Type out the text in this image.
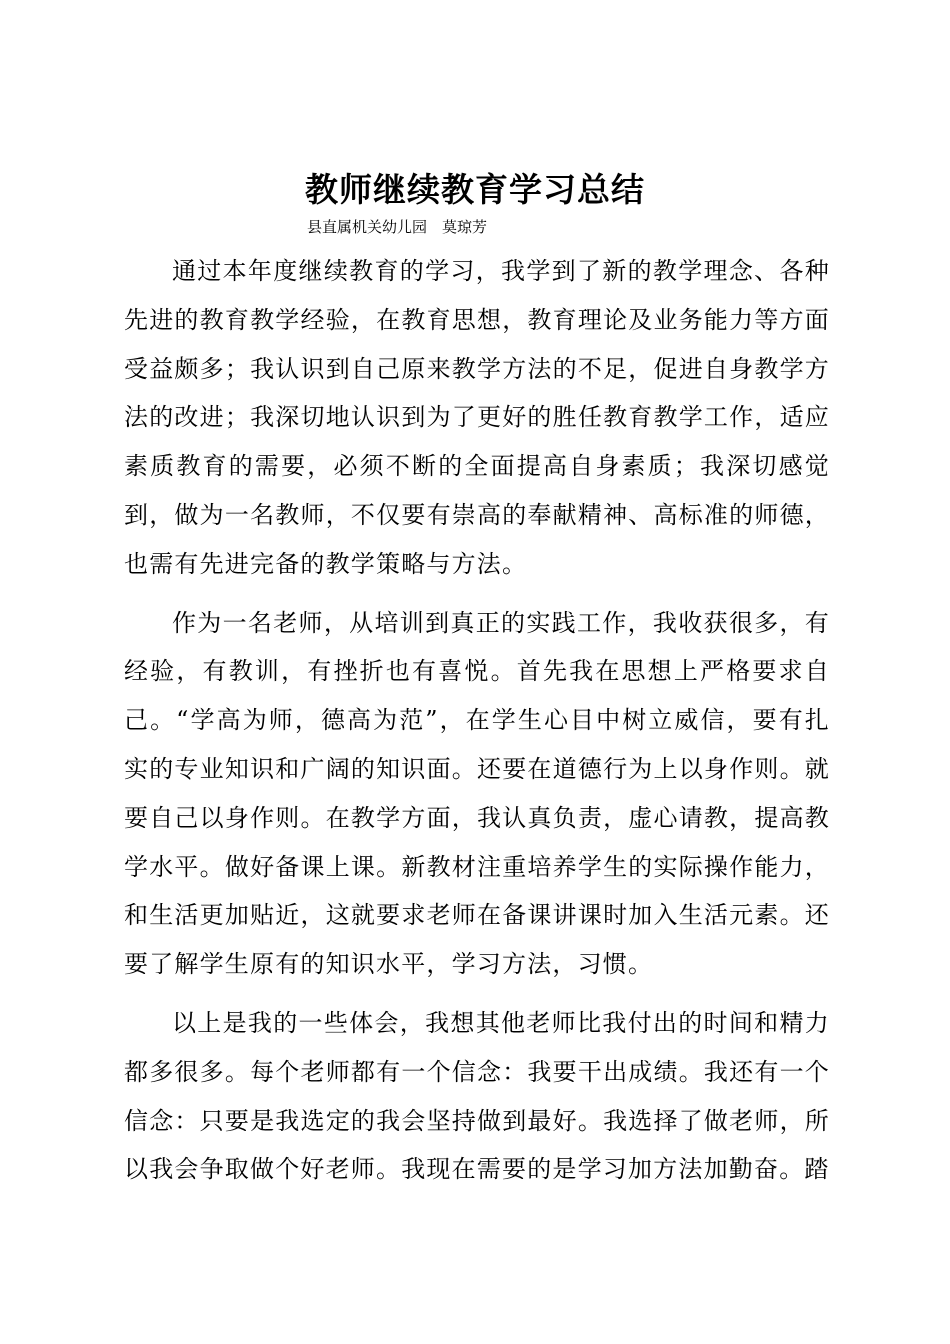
教师继续教育学习总结
县直属机关幼儿园　莫琼芳

通过本年度继续教育的学习，我学到了新的教学理念、各种先进的教育教学经验，在教育思想，教育理论及业务能力等方面受益颇多；我认识到自己原来教学方法的不足，促进自身教学方法的改进；我深切地认识到为了更好的胜任教育教学工作，适应素质教育的需要，必须不断的全面提高自身素质；我深切感觉到，做为一名教师，不仅要有崇高的奉献精神、高标准的师德，也需有先进完备的教学策略与方法。

作为一名老师，从培训到真正的实践工作，我收获很多，有经验，有教训，有挫折也有喜悦。首先我在思想上严格要求自己。“学高为师，德高为范”，在学生心目中树立威信，要有扎实的专业知识和广阔的知识面。还要在道德行为上以身作则。就要自己以身作则。在教学方面，我认真负责，虚心请教，提高教学水平。做好备课上课。新教材注重培养学生的实际操作能力，和生活更加贴近，这就要求老师在备课讲课时加入生活元素。还要了解学生原有的知识水平，学习方法，习惯。

以上是我的一些体会，我想其他老师比我付出的时间和精力都多很多。每个老师都有一个信念：我要干出成绩。我还有一个信念：只要是我选定的我会坚持做到最好。我选择了做老师，所以我会争取做个好老师。我现在需要的是学习加方法加勤奋。踏
